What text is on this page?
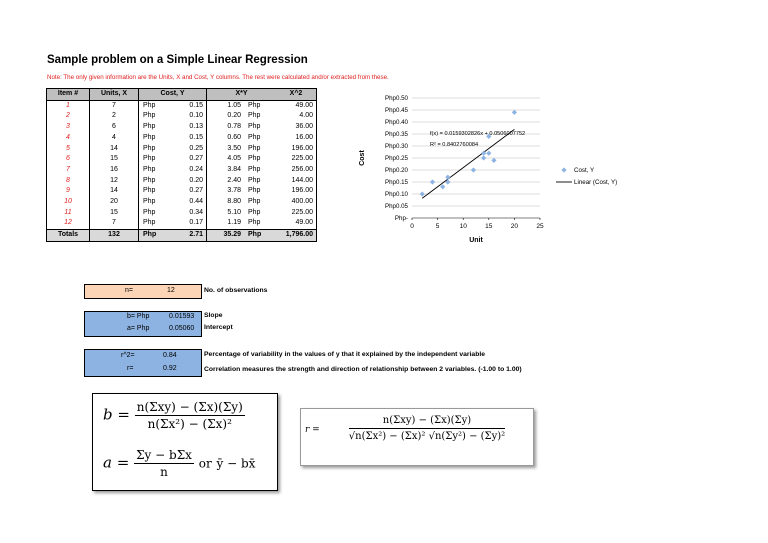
Sample problem on a Simple Linear Regression
Note: The only given information are the Units, X and Cost, Y columns. The rest were calculated and/or extracted from these.
Item #	Units, X	Cost, Y		X*Y		X^2
1	7	Php	0.15	1.05	Php	49.00
2	2	Php	0.10	0.20	Php	4.00
3	6	Php	0.13	0.78	Php	36.00
4	4	Php	0.15	0.60	Php	16.00
5	14	Php	0.25	3.50	Php	196.00
6	15	Php	0.27	4.05	Php	225.00
7	16	Php	0.24	3.84	Php	256.00
8	12	Php	0.20	2.40	Php	144.00
9	14	Php	0.27	3.78	Php	196.00
10	20	Php	0.44	8.80	Php	400.00
11	15	Php	0.34	5.10	Php	225.00
12	7	Php	0.17	1.19	Php	49.00
Totals	132	Php	2.71	35.29	Php	1,796.00
n=	12	No. of observations
b= Php	0.01593
a= Php	0.05060
Slope
Intercept
r^2=	0.84
r=	0.92
Percentage of variability in the values of y that it explained by the independent variable
Correlation measures the strength and direction of relationship between 2 variables. (-1.00 to 1.00)
$b = \frac{\text{n(Σxy) − (Σx)(Σy)}}{\text{n(Σx²) − (Σx)²}}$
$a = \frac{\text{Σy − bΣx}}{n}$ or ȳ − bx̄
r =	$\frac{\text{n(Σxy) − (Σx)(Σy)}}{\text{√n(Σx²) − (Σx)² √n(Σy²) − (Σy)²}}$
Php-
Php0.05
Php0.10
Php0.15
Php0.20
Php0.25
Php0.30
Php0.35
Php0.40
Php0.45
Php0.50
0	5	10	15	20	25
Unit
Cost
f(x) = 0.0159302826x + 0.0506007752
R² = 0.8402760084
Cost, Y
Linear (Cost, Y)
